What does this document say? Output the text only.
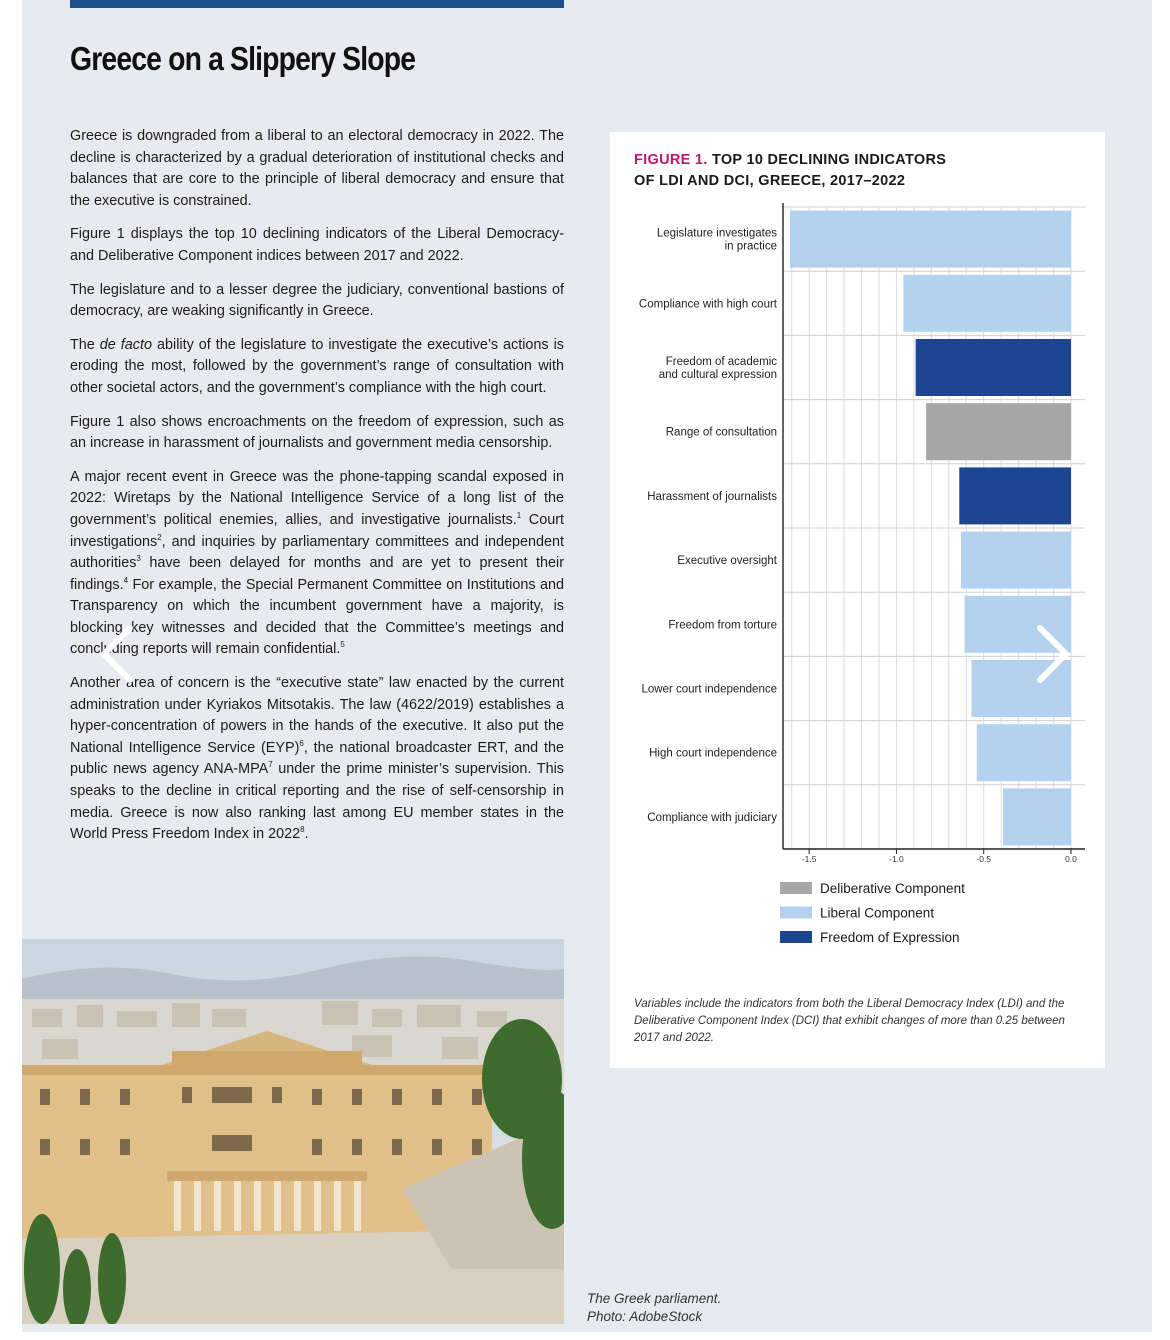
Greece on a Slippery Slope

Greece is downgraded from a liberal to an electoral democracy in 2022. The decline is characterized by a gradual deterioration of institutional checks and balances that are core to the principle of liberal democracy and ensure that the executive is constrained.

Figure 1 displays the top 10 declining indicators of the Liberal Democracy- and Deliberative Component indices between 2017 and 2022.

The legislature and to a lesser degree the judiciary, conventional bastions of democracy, are weaking significantly in Greece.

The de facto ability of the legislature to investigate the executive’s actions is eroding the most, followed by the government’s range of consultation with other societal actors, and the government’s compliance with the high court.

Figure 1 also shows encroachments on the freedom of expression, such as an increase in harassment of journalists and government media censorship.

A major recent event in Greece was the phone-tapping scandal exposed in 2022: Wiretaps by the National Intelligence Service of a long list of the government’s political enemies, allies, and investigative journalists.$^1$ Court investigations$^2$, and inquiries by parliamentary committees and independent authorities$^3$ have been delayed for months and are yet to present their findings.$^4$ For example, the Special Permanent Committee on Institutions and Transparency on which the incumbent government have a majority, is blocking key witnesses and decided that the Committee’s meetings and concluding reports will remain confidential.$^5$

Another area of concern is the “executive state” law enacted by the current administration under Kyriakos Mitsotakis. The law (4622/2019) establishes a hyper-concentration of powers in the hands of the executive. It also put the National Intelligence Service (EYP)$^6$, the national broadcaster ERT, and the public news agency ANA-MPA$^7$ under the prime minister’s supervision. This speaks to the decline in critical reporting and the rise of self-censorship in media. Greece is now also ranking last among EU member states in the World Press Freedom Index in 2022$^8$.

The Greek parliament.
Photo: AdobeStock
FIGURE 1. TOP 10 DECLINING INDICATORS
OF LDI AND DCI, GREECE, 2017–2022
Legislature investigates in practice
Compliance with high court
Freedom of academic and cultural expression
Range of consultation
Harassment of journalists
Executive oversight
Freedom from torture
Lower court independence
High court independence
Compliance with judiciary
-1.5	-1.0	-0.5	0.0
Deliberative Component
Liberal Component
Freedom of Expression
Variables include the indicators from both the Liberal Democracy Index (LDI) and the Deliberative Component Index (DCI) that exhibit changes of more than 0.25 between 2017 and 2022.
